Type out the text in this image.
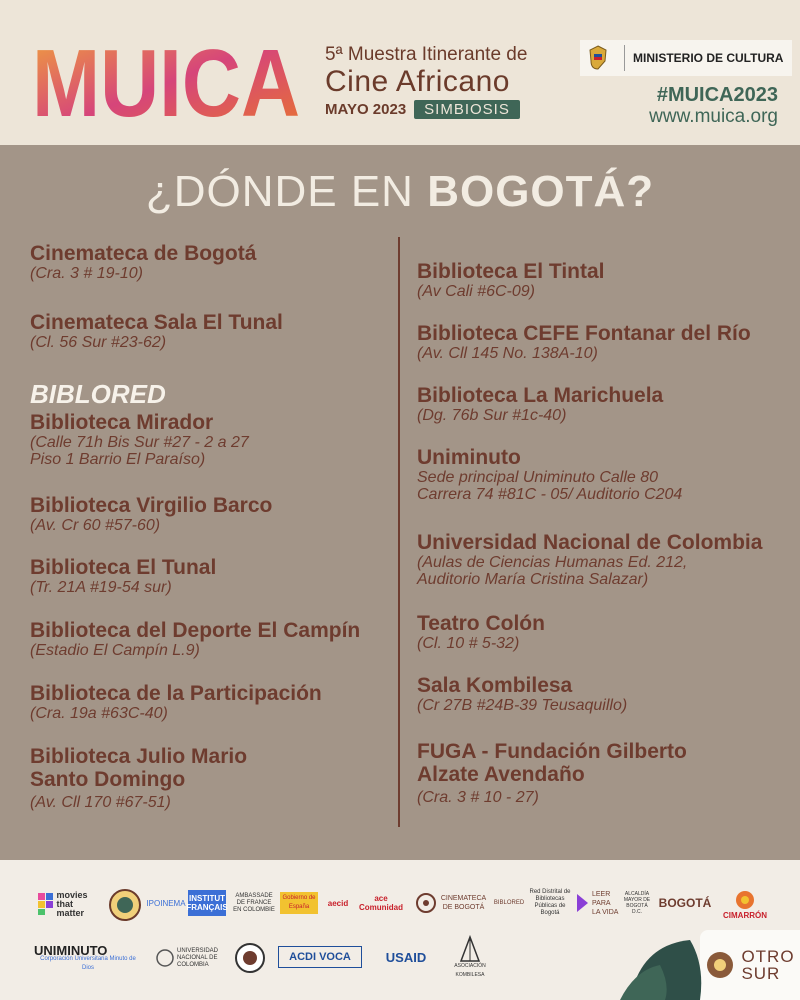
MUICA 5ª Muestra Itinerante de
Cine Africano
MAYO 2023	SIMBIOSIS
MINISTERIO DE CULTURA
#MUICA2023
www.muica.org
¿DÓNDE EN BOGOTÁ?
Cinemateca de Bogotá
(Cra. 3 # 19-10)
Cinemateca Sala El Tunal
(Cl. 56 Sur #23-62)
BIBLORED
Biblioteca Mirador
(Calle 71h Bis Sur #27 - 2 a 27
Piso 1 Barrio El Paraíso)
Biblioteca Virgilio Barco
(Av. Cr 60 #57-60)
Biblioteca El Tunal
(Tr. 21A #19-54 sur)
Biblioteca del Deporte El Campín
(Estadio El Campín L.9)
Biblioteca de la Participación
(Cra. 19a #63C-40)
Biblioteca Julio Mario
Santo Domingo
(Av. Cll 170 #67-51)
Biblioteca El Tintal
(Av Cali #6C-09)
Biblioteca CEFE Fontanar del Río
(Av. Cll 145 No. 138A-10)
Biblioteca La Marichuela
(Dg. 76b Sur #1c-40)
Uniminuto
Sede principal Uniminuto Calle 80
Carrera 74 #81C - 05/ Auditorio C204
Universidad Nacional de Colombia
(Aulas de Ciencias Humanas Ed. 212,
Auditorio María Cristina Salazar)
Teatro Colón
(Cl. 10 # 5-32)
Sala Kombilesa
(Cr 27B #24B-39 Teusaquillo)
FUGA - Fundación Gilberto
Alzate Avendaño
(Cra. 3 # 10 - 27)
movies that matter
IPOINEMA INSTITUT FRANÇAIS
AMBASSADE DE FRANCE EN COLOMBIE
Gobierno de España	aecid	ace Comunidad
CINEMATECA DE BOGOTÁ
BIBLORED
Red Distrital de Bibliotecas Públicas de Bogotá
LEER PARA LA VIDA
ALCALDÍA MAYOR DE BOGOTÁ D.C.
BOGOTÁ
CIMARRÓN
UNIMINUTO
Corporación Universitaria Minuto de Dios
UNIVERSIDAD NACIONAL DE COLOMBIA
ACDI VOCA	USAID
ASOCIACIÓN KOMBILESA
OTRO
SUR
